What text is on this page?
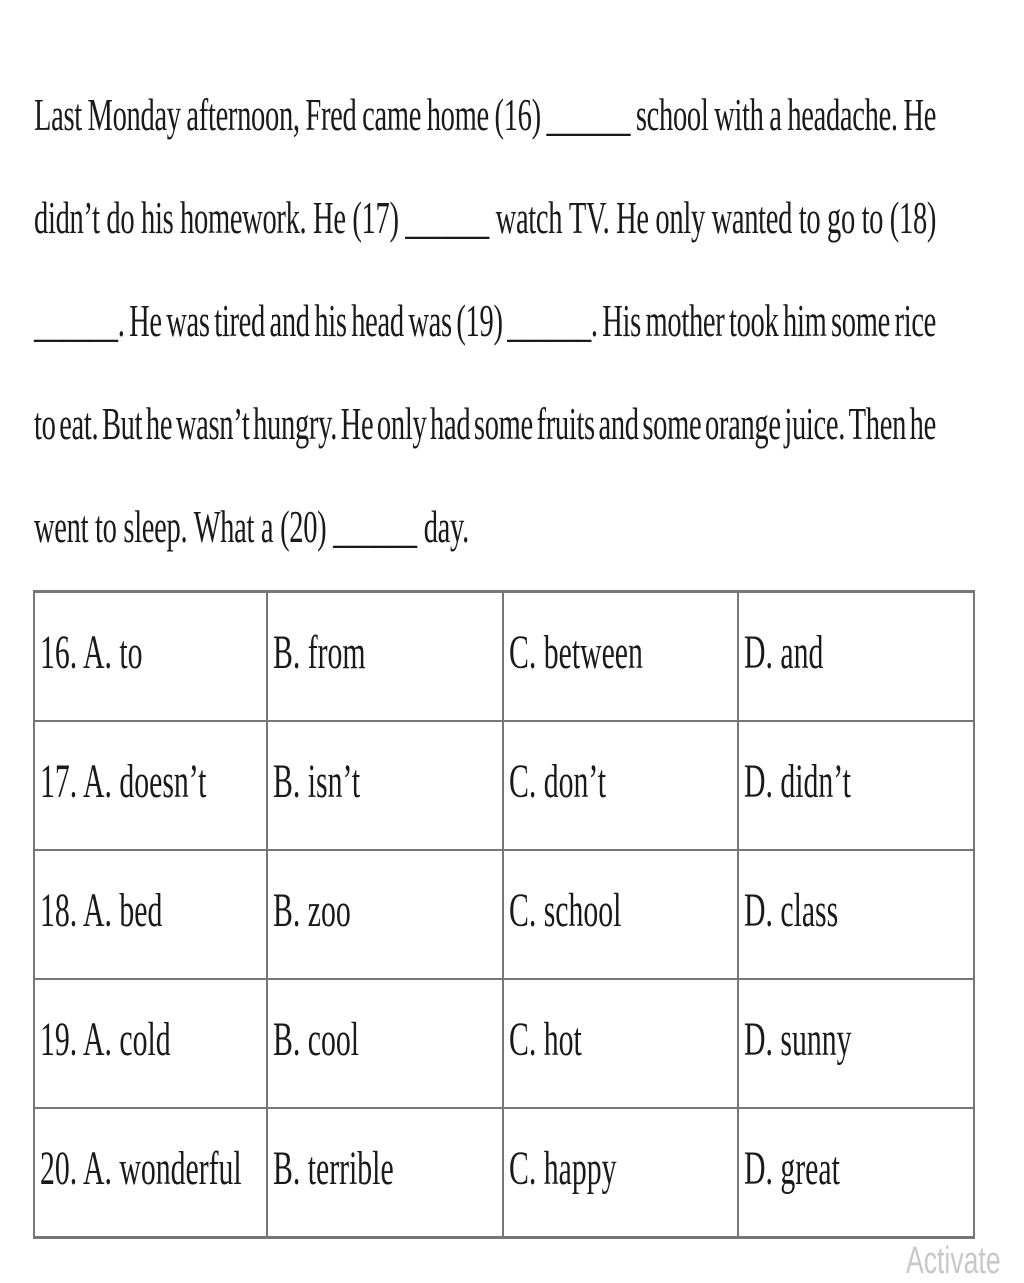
Last Monday afternoon, Fred came home (16) ______ school with a headache. He
didn’t do his homework. He (17) ______ watch TV. He only wanted to go to (18)
______. He was tired and his head was (19) ______. His mother took him some rice
to eat. But he wasn’t hungry. He only had some fruits and some orange juice. Then he
went to sleep. What a (20) ______ day.
16. A. to	B. from	C. between	D. and
17. A. doesn’t	B. isn’t	C. don’t	D. didn’t
18. A. bed	B. zoo	C. school	D. class
19. A. cold	B. cool	C. hot	D. sunny
20. A. wonderful	B. terrible	C. happy	D. great
Activate
